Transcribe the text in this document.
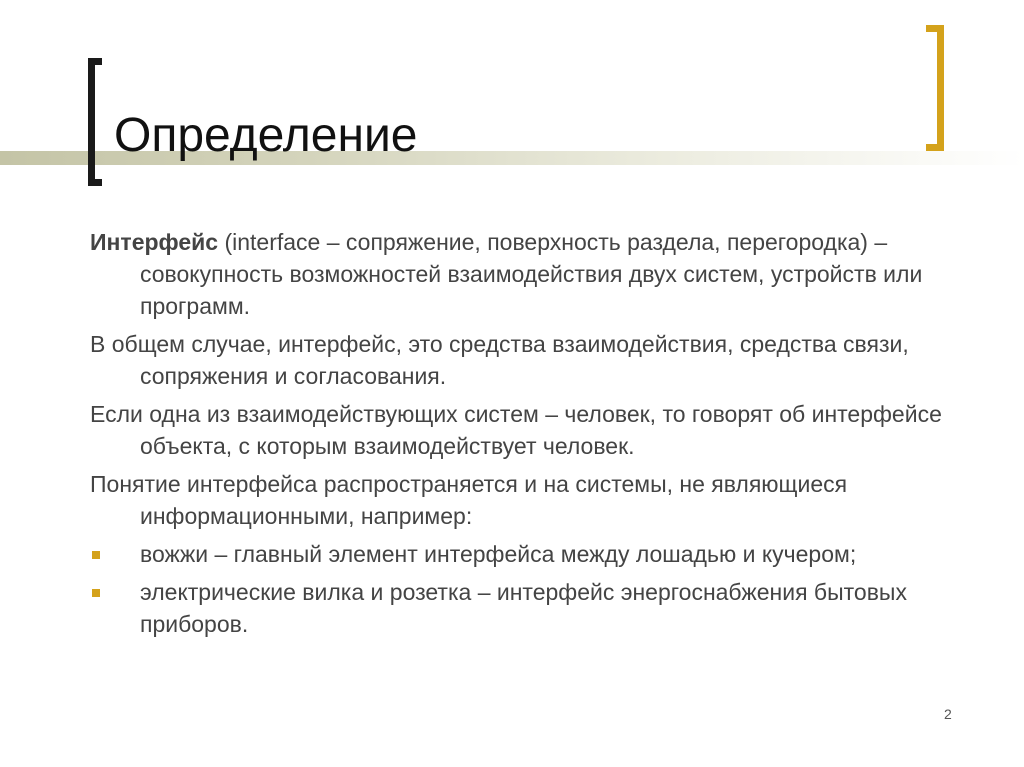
Определение

Интерфейс (interface – сопряжение, поверхность раздела, перегородка) – совокупность возможностей взаимодействия двух систем, устройств или программ.

В общем случае, интерфейс, это средства взаимодействия, средства связи, сопряжения и согласования.

Если одна из взаимодействующих систем – человек, то говорят об интерфейсе объекта, с которым взаимодействует человек.

Понятие интерфейса распространяется и на системы, не являющиеся информационными, например:

вожжи – главный элемент интерфейса между лошадью и кучером;
электрические вилка и розетка – интерфейс энергоснабжения бытовых приборов.
2
